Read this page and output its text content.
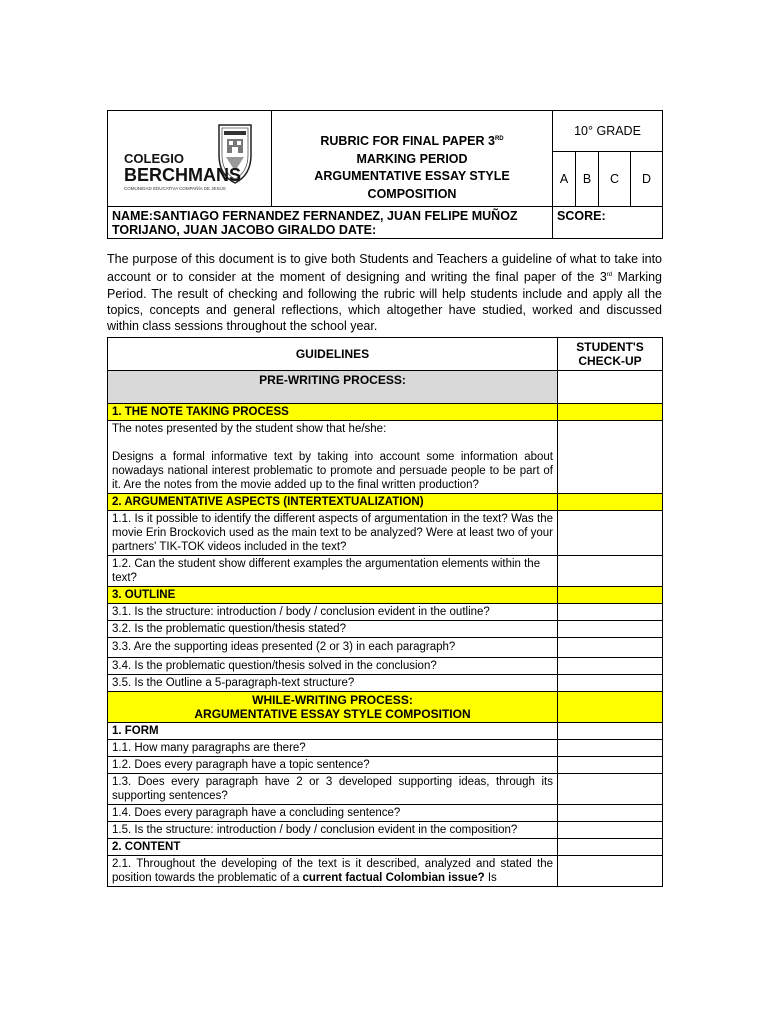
COLEGIO
BERCHMANS
COMUNIDAD EDUCATIVA COMPAÑÍA DE JESÚS	RUBRIC FOR FINAL PAPER 3RD
MARKING PERIOD
ARGUMENTATIVE ESSAY STYLE
COMPOSITION	10° GRADE			
		A	B	C	D
NAME:SANTIAGO FERNANDEZ FERNANDEZ, JUAN FELIPE MUÑOZ TORIJANO, JUAN JACOBO GIRALDO DATE:		SCORE:			

The purpose of this document is to give both Students and Teachers a guideline of what to take into account or to consider at the moment of designing and writing the final paper of the 3rd Marking Period. The result of checking and following the rubric will help students include and apply all the topics, concepts and general reflections, which altogether have studied, worked and discussed within class sessions throughout the school year.

GUIDELINES	STUDENT'S CHECK-UP
PRE-WRITING PROCESS:	
1. THE NOTE TAKING PROCESS	

The notes presented by the student show that he/she:
Designs a formal informative text by taking into account some information about nowadays national interest problematic to promote and persuade people to be part of it. Are the notes from the movie added up to the final written production?	

2. ARGUMENTATIVE ASPECTS (INTERTEXTUALIZATION)	
1.1. Is it possible to identify the different aspects of argumentation in the text? Was the movie Erin Brockovich used as the main text to be analyzed? Were at least two of your partners' TIK-TOK videos included in the text?	
1.2. Can the student show different examples the argumentation elements within the text?	
3. OUTLINE	
3.1. Is the structure: introduction / body / conclusion evident in the outline?	
3.2. Is the problematic question/thesis stated?	
3.3. Are the supporting ideas presented (2 or 3) in each paragraph?	
3.4. Is the problematic question/thesis solved in the conclusion?	
3.5. Is the Outline a 5-paragraph-text structure?	

WHILE-WRITING PROCESS:
ARGUMENTATIVE ESSAY STYLE COMPOSITION	

1. FORM	
1.1. How many paragraphs are there?	
1.2. Does every paragraph have a topic sentence?	
1.3. Does every paragraph have 2 or 3 developed supporting ideas, through its supporting sentences?	
1.4. Does every paragraph have a concluding sentence?	
1.5. Is the structure: introduction / body / conclusion evident in the composition?	
2. CONTENT	
2.1. Throughout the developing of the text is it described, analyzed and stated the position towards the problematic of a current factual Colombian issue? Is	
